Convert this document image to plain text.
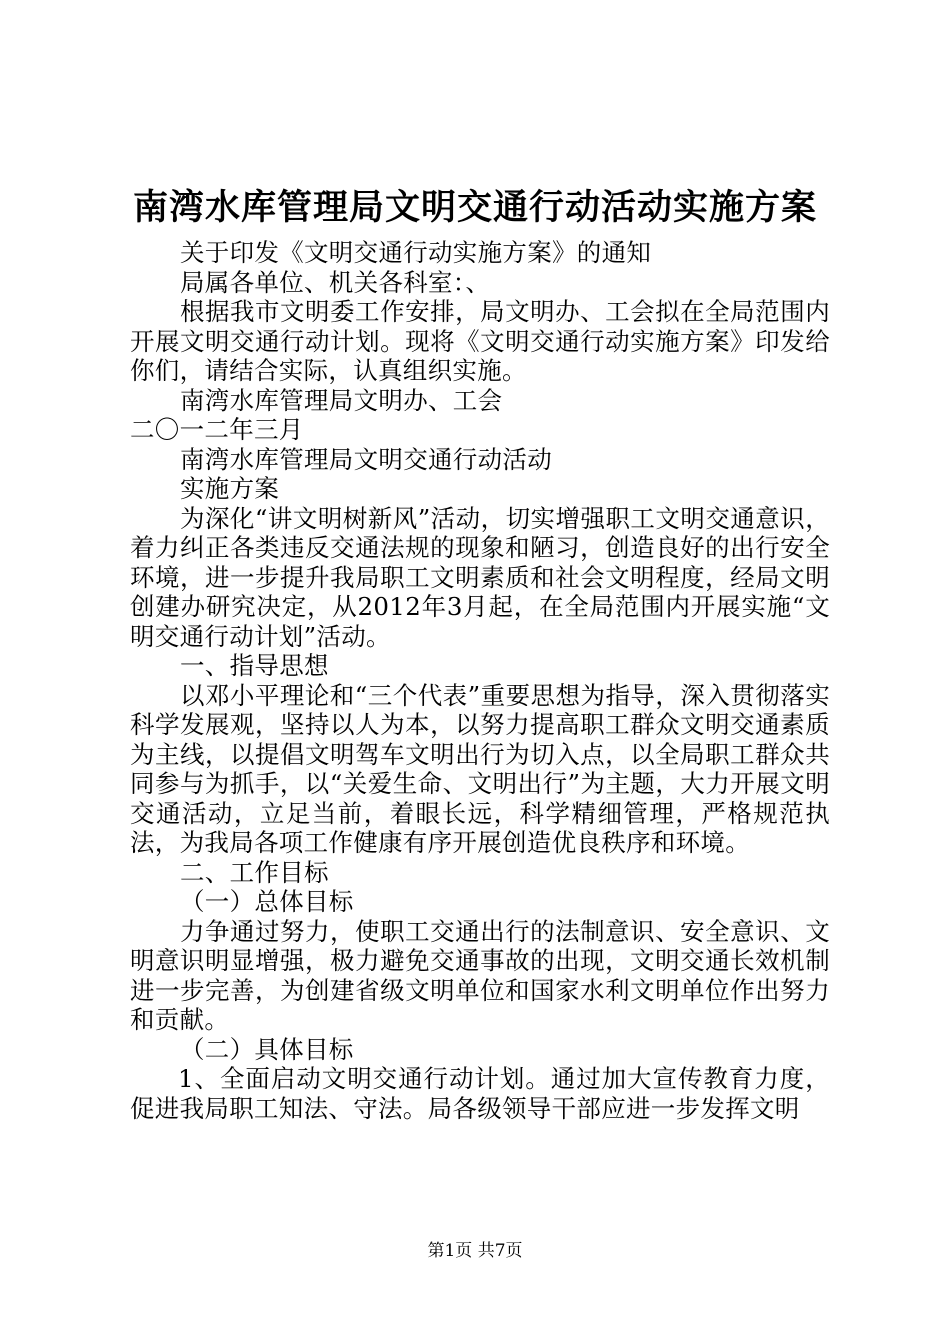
南湾水库管理局文明交通行动活动实施方案

关于印发《文明交通行动实施方案》的通知

局属各单位、机关各科室：、

根据我市文明委工作安排，局文明办、工会拟在全局范围内开展文明交通行动计划。现将《文明交通行动实施方案》印发给你们，请结合实际，认真组织实施。

南湾水库管理局文明办、工会

二〇一二年三月

南湾水库管理局文明交通行动活动

实施方案

为深化“讲文明树新风”活动，切实增强职工文明交通意识，着力纠正各类违反交通法规的现象和陋习，创造良好的出行安全环境，进一步提升我局职工文明素质和社会文明程度，经局文明创建办研究决定，从2012年3月起，在全局范围内开展实施“文明交通行动计划”活动。

一、指导思想

以邓小平理论和“三个代表”重要思想为指导，深入贯彻落实科学发展观，坚持以人为本，以努力提高职工群众文明交通素质为主线，以提倡文明驾车文明出行为切入点，以全局职工群众共同参与为抓手，以“关爱生命、文明出行”为主题，大力开展文明交通活动，立足当前，着眼长远，科学精细管理，严格规范执法，为我局各项工作健康有序开展创造优良秩序和环境。

二、工作目标

（一）总体目标

力争通过努力，使职工交通出行的法制意识、安全意识、文明意识明显增强，极力避免交通事故的出现，文明交通长效机制进一步完善，为创建省级文明单位和国家水利文明单位作出努力和贡献。

（二）具体目标

1、全面启动文明交通行动计划。通过加大宣传教育力度，促进我局职工知法、守法。局各级领导干部应进一步发挥文明

第1页 共7页
